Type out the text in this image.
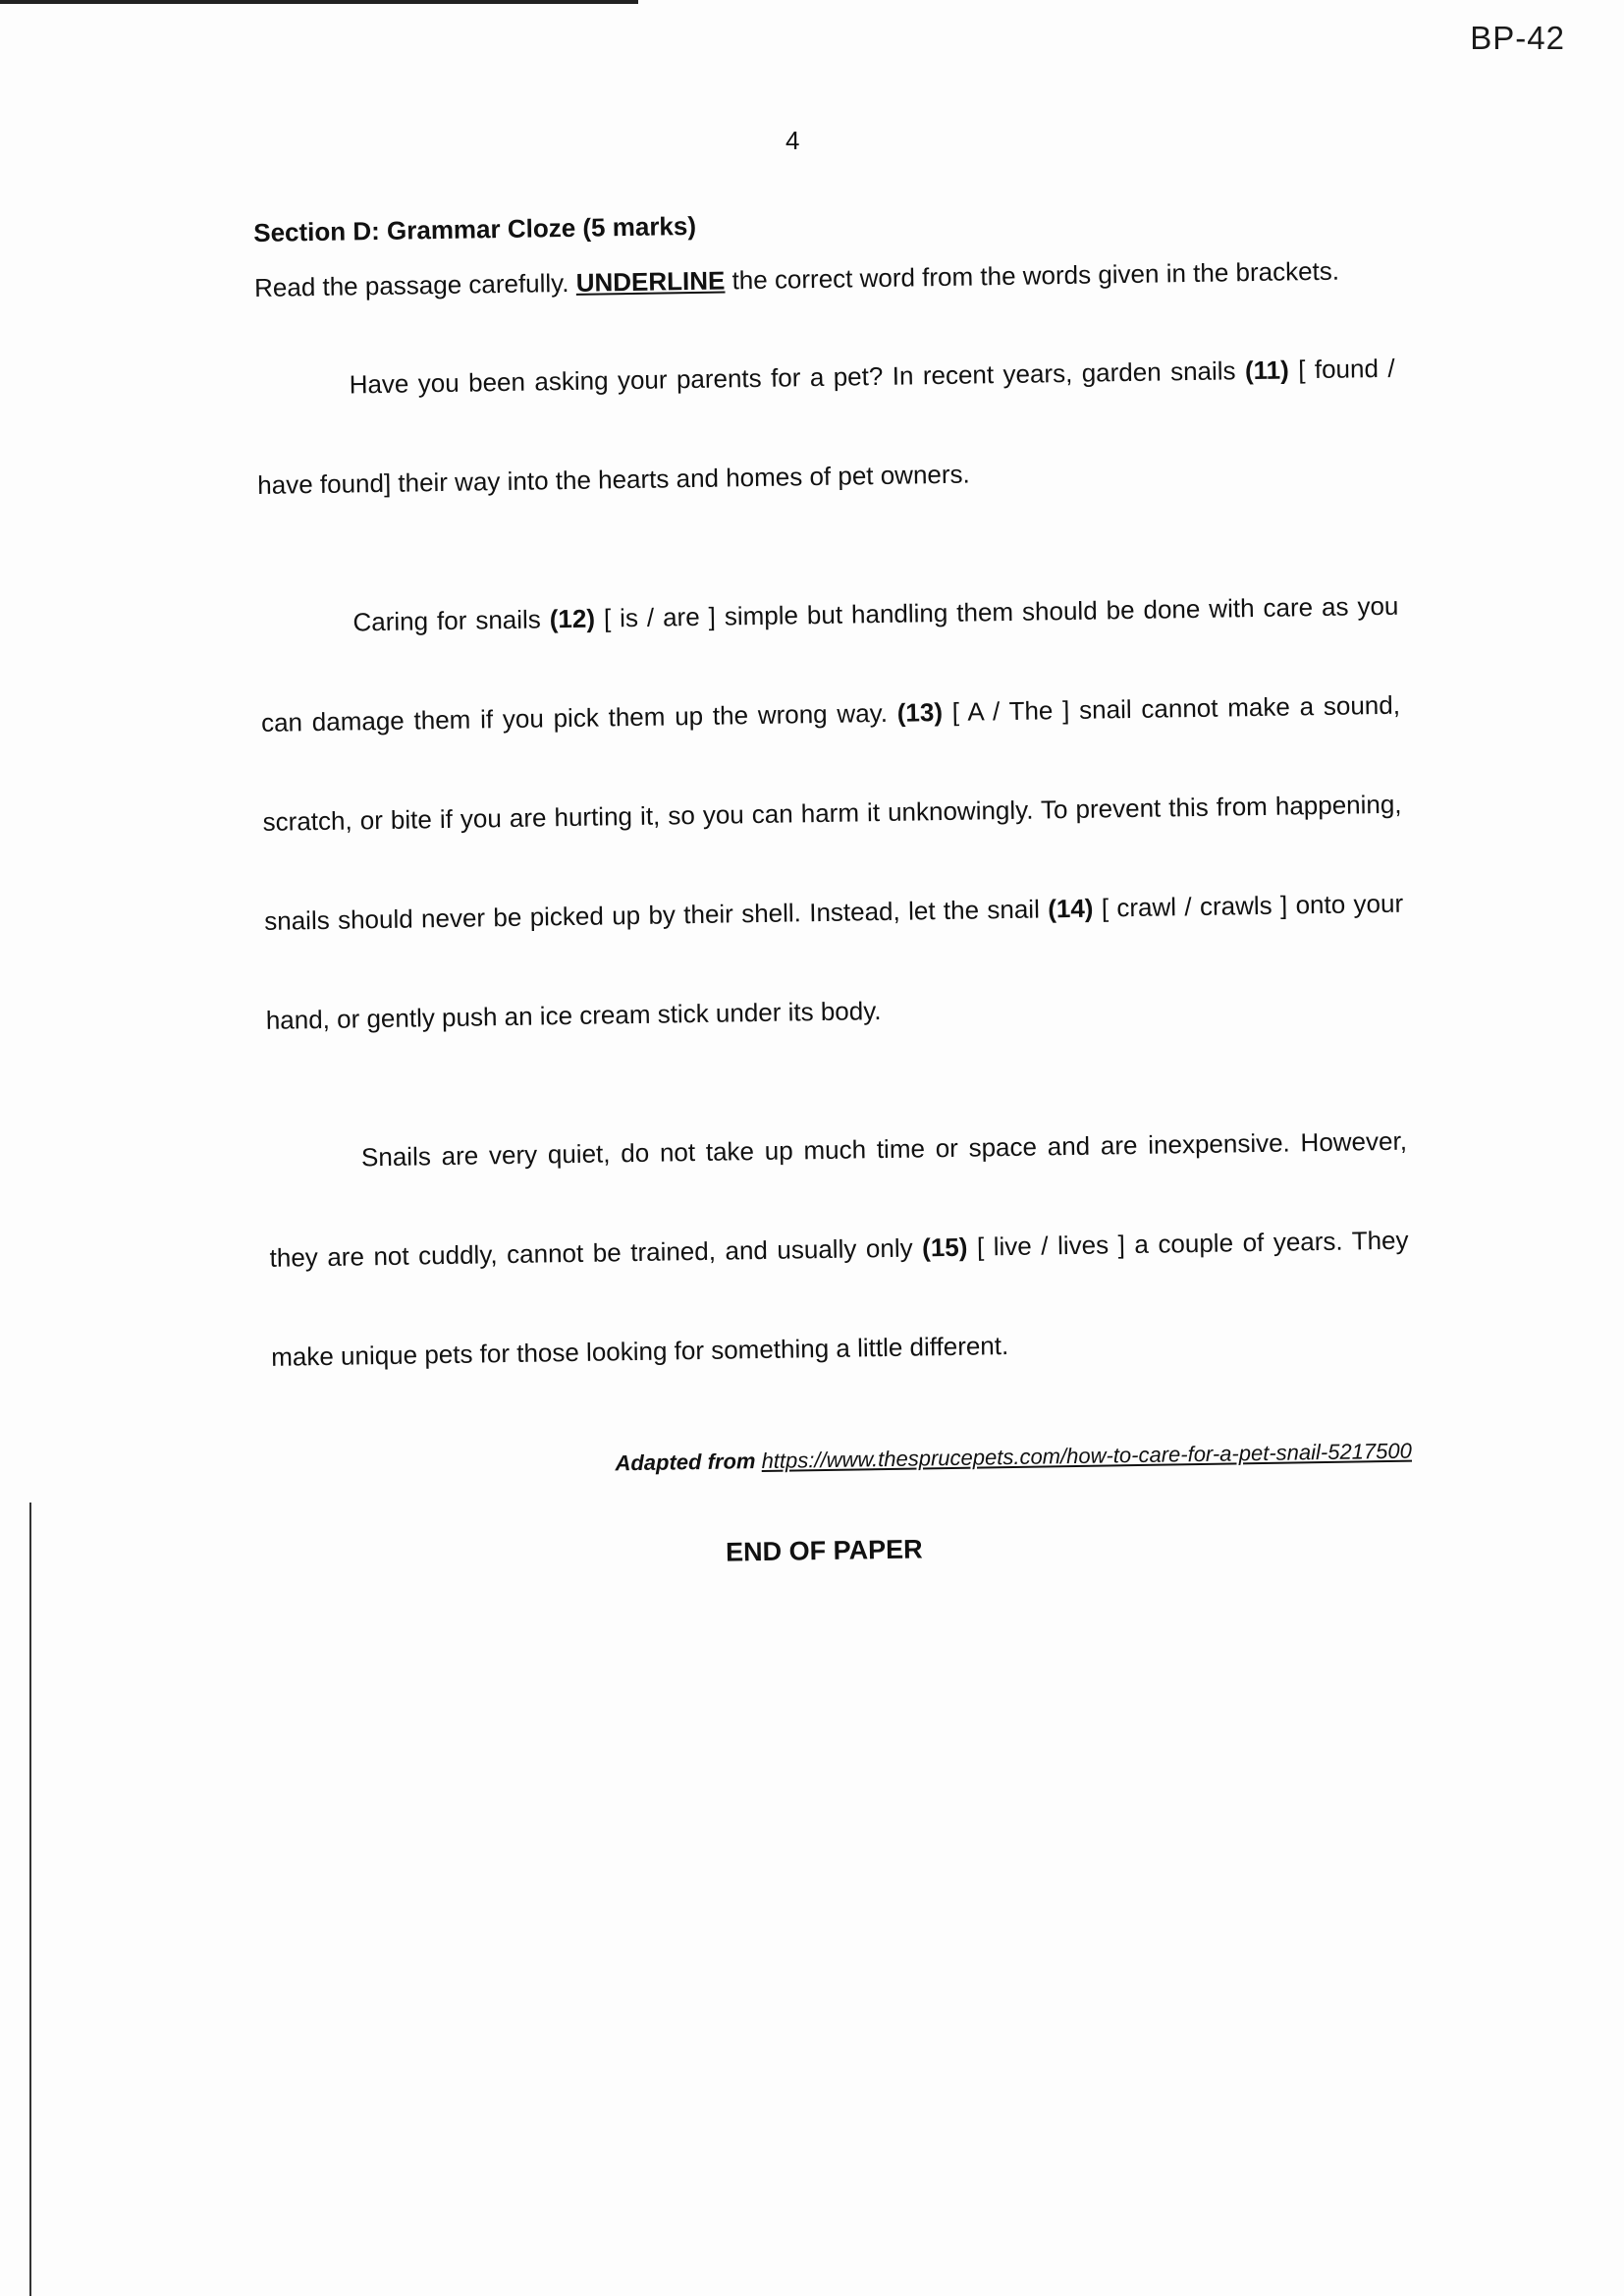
BP-42
4
Section D: Grammar Cloze (5 marks)

Read the passage carefully. UNDERLINE the correct word from the words given in the brackets.

Have you been asking your parents for a pet? In recent years, garden snails (11) [ found / have found] their way into the hearts and homes of pet owners.

Caring for snails (12) [ is / are ] simple but handling them should be done with care as you can damage them if you pick them up the wrong way. (13) [ A / The ] snail cannot make a sound, scratch, or bite if you are hurting it, so you can harm it unknowingly. To prevent this from happening, snails should never be picked up by their shell. Instead, let the snail (14) [ crawl / crawls ] onto your hand, or gently push an ice cream stick under its body.

Snails are very quiet, do not take up much time or space and are inexpensive. However, they are not cuddly, cannot be trained, and usually only (15) [ live / lives ] a couple of years. They make unique pets for those looking for something a little different.

Adapted from https://www.thesprucepets.com/how-to-care-for-a-pet-snail-5217500
END OF PAPER
